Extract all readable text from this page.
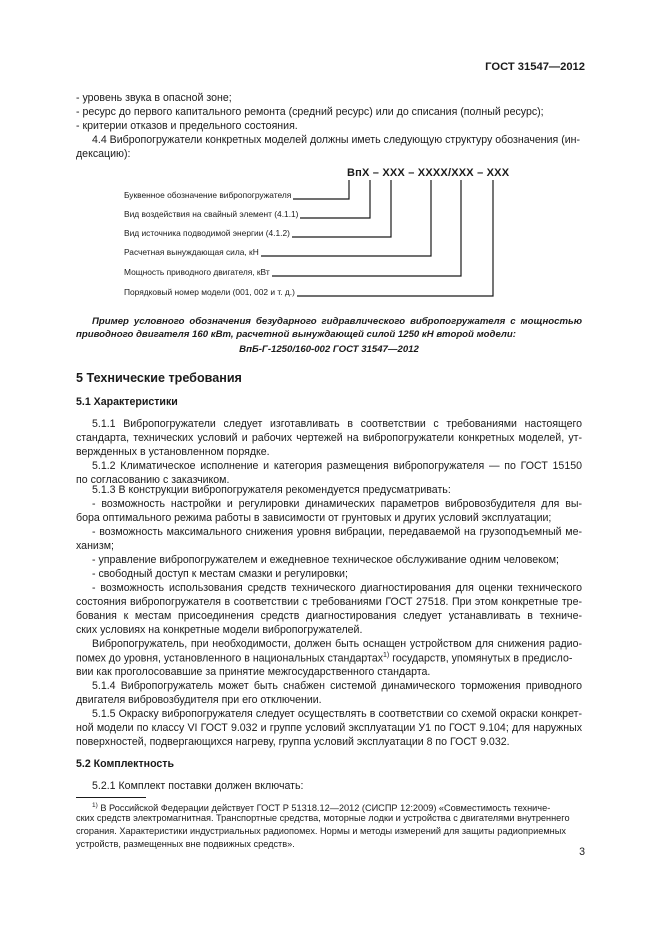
ГОСТ 31547—2012
- уровень звука в опасной зоне;
- ресурс до первого капитального ремонта (средний ресурс) или до списания (полный ресурс);
- критерии отказов и предельного состояния.
4.4 Вибропогружатели конкретных моделей должны иметь следующую структуру обозначения (ин-
дексацию):
ВпХ – ХХХ – ХХХХ/ХХХ – ХХХ
Буквенное обозначение вибропогружателя
Вид воздействия на свайный элемент (4.1.1)
Вид источника подводимой энергии (4.1.2)
Расчетная вынуждающая сила, кН
Мощность приводного двигателя, кВт
Порядковый номер модели (001, 002 и т. д.)
Пример условного обозначения безударного гидравлического вибропогружателя с мощностью
приводного двигателя 160 кВт, расчетной вынуждающей силой 1250 кН второй модели:
ВпБ-Г-1250/160-002 ГОСТ 31547—2012
5 Технические требования
5.1 Характеристики
5.1.1 Вибропогружатели следует изготавливать в соответствии с требованиями настоящего
стандарта, технических условий и рабочих чертежей на вибропогружатели конкретных моделей, ут-
вержденных в установленном порядке.
5.1.2 Климатическое исполнение и категория размещения вибропогружателя — по ГОСТ 15150
по согласованию с заказчиком.
5.1.3 В конструкции вибропогружателя рекомендуется предусматривать:
- возможность настройки и регулировки динамических параметров вибровозбудителя для вы-
бора оптимального режима работы в зависимости от грунтовых и других условий эксплуатации;
- возможность максимального снижения уровня вибрации, передаваемой на грузоподъемный ме-
ханизм;
- управление вибропогружателем и ежедневное техническое обслуживание одним человеком;
- свободный доступ к местам смазки и регулировки;
- возможность использования средств технического диагностирования для оценки технического
состояния вибропогружателя в соответствии с требованиями ГОСТ 27518. При этом конкретные тре-
бования к местам присоединения средств диагностирования следует устанавливать в техниче-
ских условиях на конкретные модели вибропогружателей.
Вибропогружатель, при необходимости, должен быть оснащен устройством для снижения радио-
помех до уровня, установленного в национальных стандартах$^{1)}$ государств, упомянутых в предисло-
вии как проголосовавшие за принятие межгосударственного стандарта.
5.1.4 Вибропогружатель может быть снабжен системой динамического торможения приводного
двигателя вибровозбудителя при его отключении.
5.1.5 Окраску вибропогружателя следует осуществлять в соответствии со схемой окраски конкрет-
ной модели по классу VI ГОСТ 9.032 и группе условий эксплуатации У1 по ГОСТ 9.104; для наружных
поверхностей, подвергающихся нагреву, группа условий эксплуатации 8 по ГОСТ 9.032.
5.2 Комплектность
5.2.1 Комплект поставки должен включать:
$^{1)}$ В Российской Федерации действует ГОСТ Р 51318.12—2012 (СИСПР 12:2009) «Совместимость техниче-
ских средств электромагнитная. Транспортные средства, моторные лодки и устройства с двигателями внутреннего
сгорания. Характеристики индустриальных радиопомех. Нормы и методы измерений для защиты радиоприемных
устройств, размещенных вне подвижных средств».
3
